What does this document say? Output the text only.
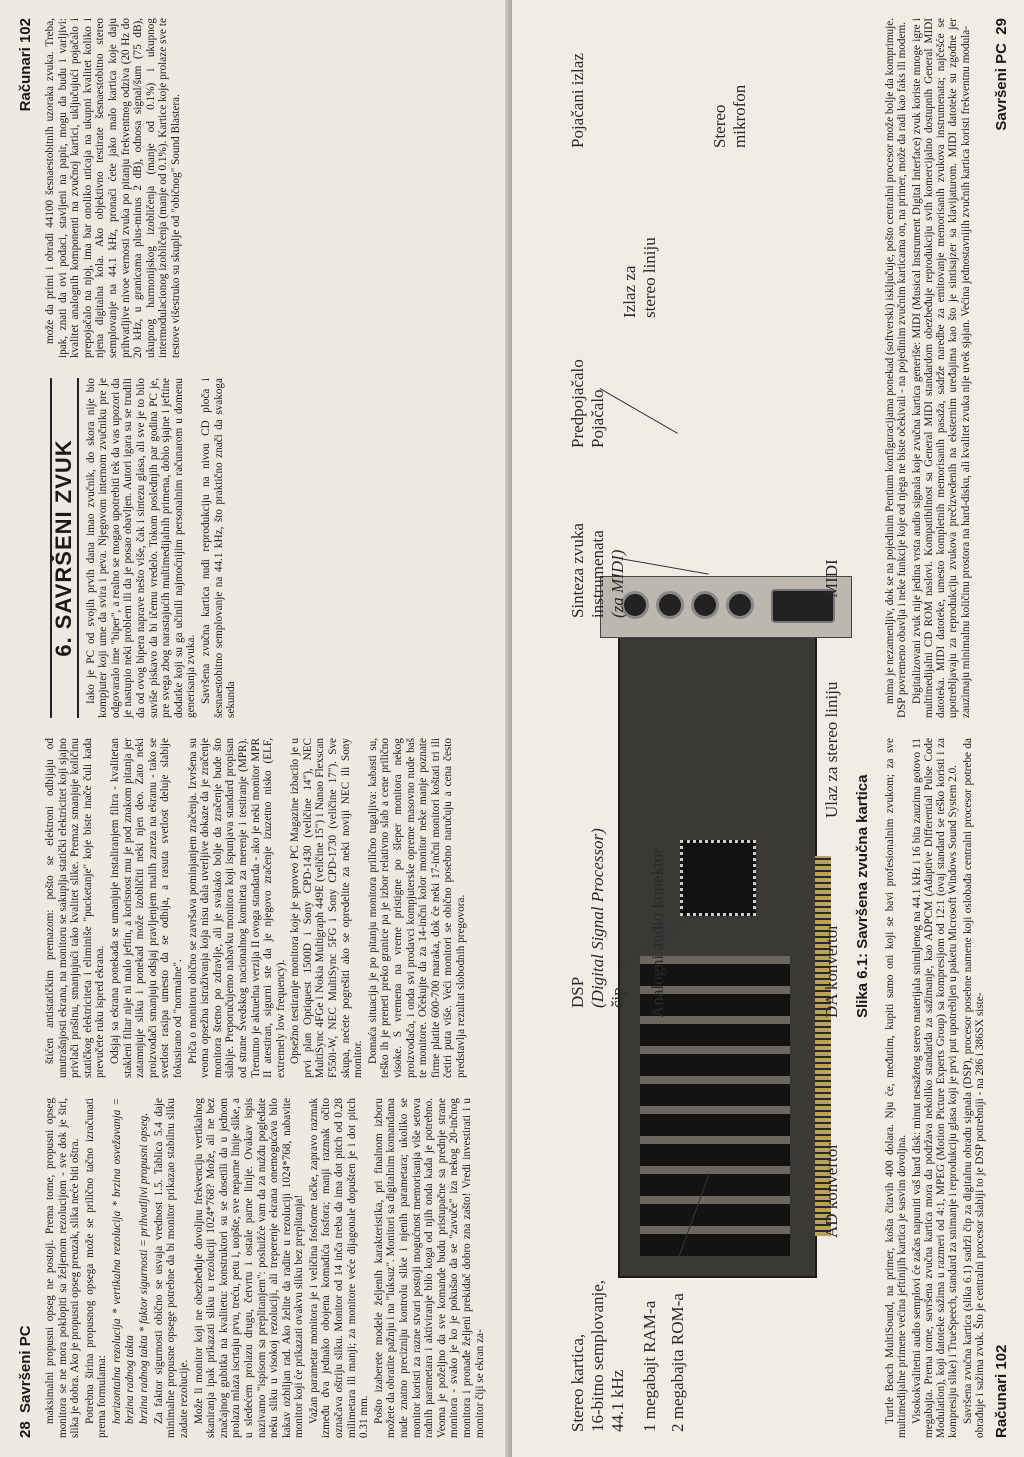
28  Savršeni PC
Računari 102

maksimalni propusni opseg ne postoji. Prema tome, propusni opseg monitora se ne mora poklopiti sa željenom rezolucijom - sve dok je širi, slika je dobra. Ako je propusni opseg preuzak, slika neće biti oštra. Potrebna širina propusnog opsega može se prilično tačno izračunati prema formulama: horizontalna rezolucija * vertikalna rezolucija * brzina osvežavanja = brzina radnog takta brzina radnog takta * faktor sigurnosti = prihvatljivi propusni opseg. Za faktor sigurnosti obično se usvaja vrednost 1.5. Tablica 5.4 daje minimalne propusne opsege potrebne da bi monitor prikazao stabilnu sliku zadate rezolucije. Može li monitor koji ne obezbeđuje dovoljnu frekvenciju vertikalnog skaniranja ipak prikazati sliku u rezoluciji 1024*768? Može, ali ne bez značajnog gubitka na kvalitetu: konstruktori su se dosetili da u jednom prolazu mlaza iscrtaju prvu, treću, petu i, uopšte, sve neparne linije slike, a u sledećem prolazu drugu, četvrtu i ostale parne linije. Ovakav ispis nazivamo "ispisom sa preplitanjem": posluižće vam da za nuždu pogledate neku sliku u visokoj rezoluciji, ali treperenje ekrana onemogućava bilo kakav ozbiljan rad. Ako želite da radite u rezoluciji 1024*768, nabavite monitor koji će prikazati ovakvu sliku bez preplitanja! Važan parametar monitora je i veličina fosforne tačke, zapravo razmak između dva jednako obojena komadića fosfora; manji razmak očito označava oštriju sliku. Monitor od 14 inča treba da ima dot pitch od 0.28 milimetara ili manji; za monitore veće dijagonale dopušten je i dot pitch 0.31 mm. Pošto izaberete modele željenih karakteristika, pri finalnom izboru možete da obratite pažnju i na "luksuz". Monitori sa digitalnim komandama nude znatno precizniju kontrolu slike i njenih parametara; ukoliko se monitor koristi za razne stvari postoji mogućnost memorisanja više setova radnih parametara i aktiviranje bilo koga od njih onda kada je potrebno. Veoma je poželjno da sve komande budu pristupačne sa prednje strane monitora - svako je ko je pokušao da se "zavuče" iza nekog 20-inčnog monitora i pronađe željeni prekidač dobro zna zašto! Vredi investirati i u monitor čiji se ekran za-

štićen antistatičkim premazom: pošto se elektroni odbijaju od unutrašnjosti ekrana, na monitoru se sakuplja statički elektricitet koji sjajno privlači prašinu, smanjujući tako kvalitet slike. Premaz smanjuje količinu statičkog elektriciteta i eliminiše "pucketanje" koje biste inače čuli kada prevučete ruku ispred ekrana. Odsjaj sa ekrana ponekada se umanjuje instaliranjem filtra - kvalitetan stakleni filtar nije ni malo jeftin, a korisnost mu je pod znakom pitanja jer zatamnjuje sliku i ponekad može izobličiti neki njen deo. Zato neki proizvođači smanjuju odsjaj pravljenjem malih zareza na ekranu - tako se svetlost rasipa umesto da se odbija, a rasuta svetlost deluje slabije fokusirano od "normalne". Priča o monitoru obično se završava pominjanjem zračenja. Izvršena su veoma opsežna istraživanja koja nisu dala uverljive dokaze da je zračenje monitora štetno po zdravlje, ali je svakako bolje da zračenje bude što slabije. Preporučujemo nabavku monitora koji ispunjava standard propisan od strane Švedskog nacionalnog komiteta za merenje i testiranje (MPR). Trenutno je aktuelna verzija II ovoga standarda - ako je neki monitor MPR II atestiran, sigurni ste da je njegovo zračenje izuzetno nisko (ELF, extremely low frequency). Opsežno testiranje monitora koje je sproveo PC Magazine izbacilo je u prvi plan Optiquest 1500D i Sony CPD-1430 (veličine 14"), NEC MultiSync 4FGe i Nokia Multigraph 449E (veličine 15") i Nanao Flexscan F550i-W, NEC MultiSync 5FG i Sony CPD-1730 (veličine 17"). Sve skupa, nećete pogrešiti ako se opredelite za neki noviji NEC ili Sony monitor. Domaća situacija je po pitanju monitora prilično tugaljiva: kabasti su, teško ih je preneti preko granice pa je izbor relativno slab a cene prilično visoke. S vremena na vreme pristigne po šleper monitora nekog proizvođača, i onda svi prodavci kompjuterske opreme masovno nude baš te monitore. Očekujte da za 14-inčni kolor monitor neke manje poznate firme platite 600-700 maraka, dok će neki 17-inčni monitori koštati tri ili četiri puta više. Veći monitori se obično posebno naručuju a cena često predstavlja rezultat slobodnih pregovora.

6. SAVRŠENI ZVUK Iako je PC od svojih prvih dana imao zvučnik, do skora nije bio kompjuter koji ume da svira i peva. Njegovom internom zvučniku pre je odgovaralo ime "biper", a realno se mogao upotrebiti tek da vas upozori da je nastupio neki problem ili da je posao obavljen. Autori igara su se trudili da od ovog bipera naprave nešto više, čak i sintezu glasa, ali sve je to bilo suviše piskavo da bi ičemu vredelo. Tokom poslednjih par godina PC je, pre svega zbog narastajućih multimedijalnih primena, dobio sjajne i jeftine dodatke koji su ga učinili najmoćnijim personalnim računarom u domenu generisanja zvuka. Savršena zvučna kartica nudi reprodukciju na nivou CD ploča i šesnaestobitno semplovanje na 44.1 kHz, što praktično znači da svakoga sekunda

može da primi i obradi 44100 šesnaestobitnih uzoraka zvuka. Treba, ipak, znati da ovi podaci, stavljeni na papir, mogu da budu i varljivi: kvalitet analognih komponenti na zvučnoj kartici, uključujući pojačalo i prepojačalo na njoj, ima bar onoliko uticaja na ukupni kvalitet koliko i njena digitalna kola. Ako objektivno testirate šesnaestobitno stereo semplovanje na 44.1 kHz, pronaći ćete jako malo kartica koje daju prihvatljive nivoe vernosti zvuka po pitanju frekventnog odziva (20 Hz do 20 kHz, u granicama plus-minus 2 dB), odnosa signal/šum (75 dB), ukupnog harmonijskog izobličenja (manje od 0.1%) i ukupnog intermodulacionog izobličenja (manje od 0.1%). Kartice koje prolaze sve te testove višestruko su skuplje od "običnog" Sound Blastera.

Stereo kartica, 16-bitno semplovanje, 44.1 kHz 1 megabajt RAM-a 2 megabajta ROM-a
AD konvertor
DSP (Digital Signal Processor) čip Analogni audio konektor	DA konvertor
Ulaz za stereo liniju
MIDI
Sinteza zvuka instrumenata (za MIDI)
Predpojačalo Pojačalo
Izlaz za stereo liniju
Pojačani izlaz	Stereo mikrofon
Slika 6.1: Savršena zvučna kartica Turtle Beach MultiSound, na primer, košta čitavih 400 dolara. Nju će, međutim, kupiti samo oni koji se bavi profesionalnim zvukom; za sve multimedijalne primene većina jeftinijih kartica je sasvim dovoljna. Visokokvalitetni audio semplovi će začas napuniti vaš hard disk: minut nesažetog stereo materijala snimljenog na 44.1 kHz i 16 bita zauzima gotovo 11 megabajta. Prema tome, savršena zvučna kartica mora da podržava nekoliko standarda za sažimanje, kao ADPCM (Adaptive Differential Pulse Code Modulation), koji datoteke sažima u razmeri od 4:1, MPEG (Motion Picture Experts Group) sa kompresijom od 12:1 (ovaj standard se teško koristi i za kompresiju slike) i TrueSpeech, standard za snimanje i reprodukciju glasa koji je prvi put upotrebljen u paketu Microsoft Windows Sound System 2.0. Savršena zvučna kartica (slika 6.1) sadrži čip za digitalnu obradu signala (DSP), procesor posebne namene koji oslobađa centralni procesor potrebe da obrađuje i sažima zvuk. Što je centralni procesor slabiji to je DSP potrebniji - na 286 i 386SX siste-

mima je nezamenljiv, dok se na pojedinim Pentium konfiguracijama ponekad (softverski) isključuje, pošto centralni procesor može bolje da komprimuje. DSP povremeno obavlja i neke funkcije koje od njega ne biste očekivali - na pojedinim zvučnim karticama on, na primer, može da radi kao faks ili modem. Digitalizovani zvuk nije jedina vrsta audio signala koje zvučna kartica generiše: MIDI (Musical Instrument Digital Interface) zvuk koriste mnoge igre i multimedijalni CD ROM naslovi. Kompatibilnost sa General MIDI standardom obezbeđuje reprodukciju svih komercijalno dostupnih General MIDI datoteka. MIDI datoteke, umesto kompletnih memorisanih pasaža, sadrže naredbe za emitovanje memorisanih zvukova instrumenata; najčešće se upotrebljavaju za reprodukciju zvukova prečizvedenih na eksternim uređajima kao što je sintisajzer sa klavijaturom. MIDI datoteke su zgodne jer zauzimaju minimalnu količinu prostora na hard-disku, ali kvalitet zvuka nije uvek sjajan. Većina jednostavnijih zvučnih kartica koristi frekventnu modula-

Računari 102
Savršeni PC  29
